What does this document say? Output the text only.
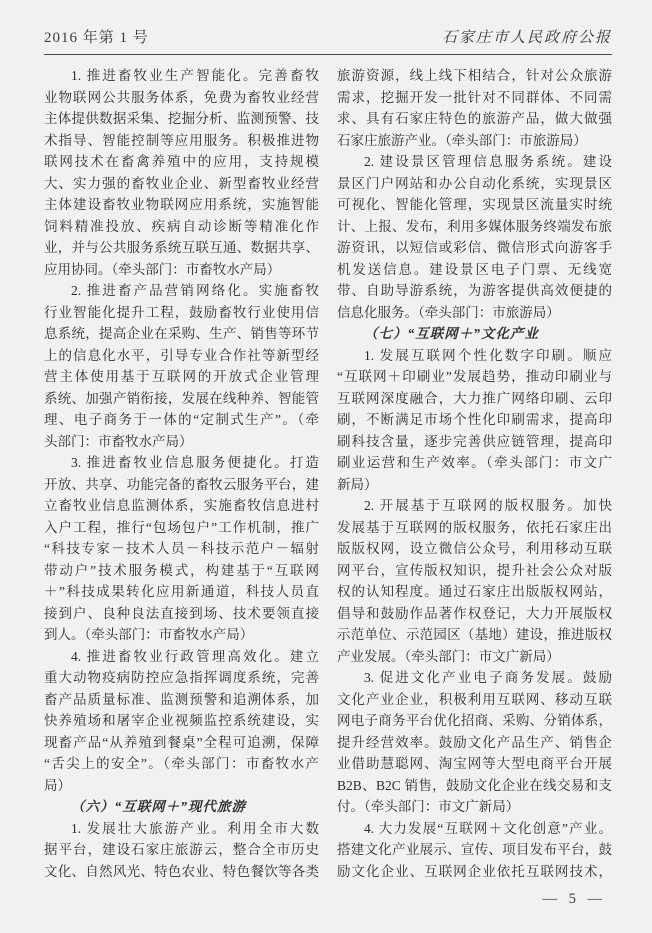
2016 年第 1 号	石家庄市人民政府公报
1. 推进畜牧业生产智能化。完善畜牧
业物联网公共服务体系，免费为畜牧业经营
主体提供数据采集、挖掘分析、监测预警、技
术指导、智能控制等应用服务。积极推进物
联网技术在畜禽养殖中的应用，支持规模
大、实力强的畜牧业企业、新型畜牧业经营
主体建设畜牧业物联网应用系统，实施智能
饲料精准投放、疾病自动诊断等精准化作
业，并与公共服务系统互联互通、数据共享、
应用协同。（牵头部门：市畜牧水产局）
2. 推进畜产品营销网络化。实施畜牧
行业智能化提升工程，鼓励畜牧行业使用信
息系统，提高企业在采购、生产、销售等环节
上的信息化水平，引导专业合作社等新型经
营主体使用基于互联网的开放式企业管理
系统、加强产销衔接，发展在线种养、智能管
理、电子商务于一体的“定制式生产”。（牵
头部门：市畜牧水产局）
3. 推进畜牧业信息服务便捷化。打造
开放、共享、功能完备的畜牧云服务平台，建
立畜牧业信息监测体系，实施畜牧信息进村
入户工程，推行“包场包户”工作机制，推广
“科技专家－技术人员－科技示范户－辐射
带动户”技术服务模式，构建基于“互联网
＋”科技成果转化应用新通道，科技人员直
接到户、良种良法直接到场、技术要领直接
到人。（牵头部门：市畜牧水产局）
4. 推进畜牧业行政管理高效化。建立
重大动物疫病防控应急指挥调度系统，完善
畜产品质量标准、监测预警和追溯体系，加
快养殖场和屠宰企业视频监控系统建设，实
现畜产品“从养殖到餐桌”全程可追溯，保障
“舌尖上的安全”。（牵头部门：市畜牧水产
局）
（六）“互联网＋”现代旅游
1. 发展壮大旅游产业。利用全市大数
据平台，建设石家庄旅游云，整合全市历史
文化、自然风光、特色农业、特色餐饮等各类
旅游资源，线上线下相结合，针对公众旅游
需求，挖掘开发一批针对不同群体、不同需
求、具有石家庄特色的旅游产品，做大做强
石家庄旅游产业。（牵头部门：市旅游局）
2. 建设景区管理信息服务系统。建设
景区门户网站和办公自动化系统，实现景区
可视化、智能化管理，实现景区流量实时统
计、上报、发布，利用多媒体服务终端发布旅
游资讯，以短信或彩信、微信形式向游客手
机发送信息。建设景区电子门票、无线宽
带、自助导游系统，为游客提供高效便捷的
信息化服务。（牵头部门：市旅游局）
（七）“互联网＋”文化产业
1. 发展互联网个性化数字印刷。顺应
“互联网＋印刷业”发展趋势，推动印刷业与
互联网深度融合，大力推广网络印刷、云印
刷，不断满足市场个性化印刷需求，提高印
刷科技含量，逐步完善供应链管理，提高印
刷业运营和生产效率。（牵头部门：市文广
新局）
2. 开展基于互联网的版权服务。加快
发展基于互联网的版权服务，依托石家庄出
版版权网，设立微信公众号，利用移动互联
网平台，宣传版权知识，提升社会公众对版
权的认知程度。通过石家庄出版版权网站，
倡导和鼓励作品著作权登记，大力开展版权
示范单位、示范园区（基地）建设，推进版权
产业发展。（牵头部门：市文广新局）
3. 促进文化产业电子商务发展。鼓励
文化产业企业，积极利用互联网、移动互联
网电子商务平台优化招商、采购、分销体系，
提升经营效率。鼓励文化产品生产、销售企
业借助慧聪网、淘宝网等大型电商平台开展
B2B、B2C 销售，鼓励文化企业在线交易和支
付。（牵头部门：市文广新局）
4. 大力发展“互联网＋文化创意”产业。
搭建文化产业展示、宣传、项目发布平台，鼓
励文化企业、互联网企业依托互联网技术，
— 5 —
